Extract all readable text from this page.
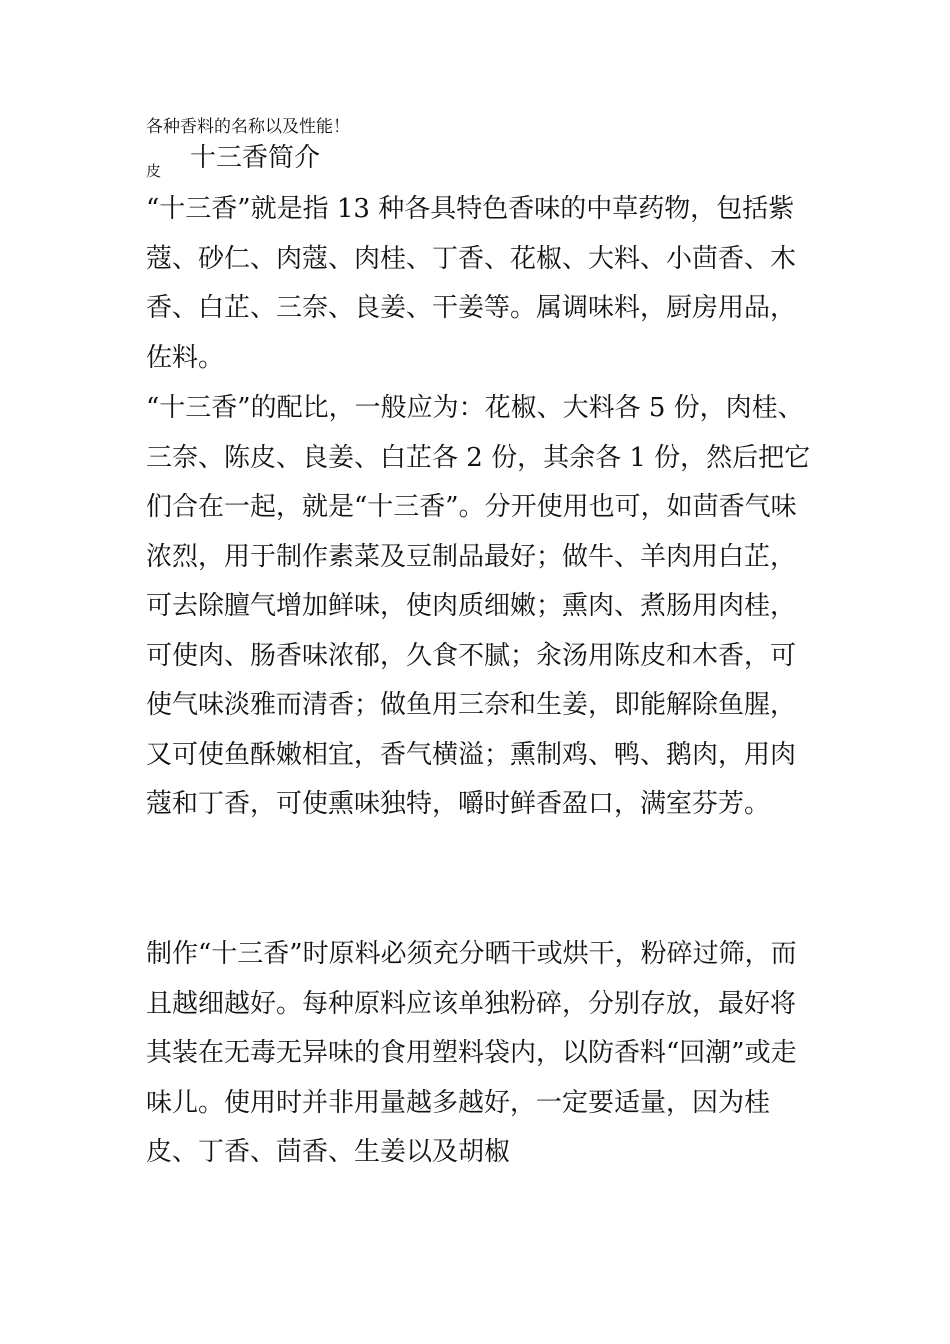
各种香料的名称以及性能！
皮 十三香简介

“十三香”就是指 13 种各具特色香味的中草药物，包括紫蔻、砂仁、肉蔻、肉桂、丁香、花椒、大料、小茴香、木香、白芷、三奈、良姜、干姜等。属调味料，厨房用品，佐料。

“十三香”的配比，一般应为：花椒、大料各 5 份，肉桂、三奈、陈皮、良姜、白芷各 2 份，其余各 1 份，然后把它们合在一起，就是“十三香”。分开使用也可，如茴香气味浓烈，用于制作素菜及豆制品最好；做牛、羊肉用白芷，可去除膻气增加鲜味，使肉质细嫩；熏肉、煮肠用肉桂，可使肉、肠香味浓郁，久食不腻；汆汤用陈皮和木香，可使气味淡雅而清香；做鱼用三奈和生姜，即能解除鱼腥，又可使鱼酥嫩相宜，香气横溢；熏制鸡、鸭、鹅肉，用肉蔻和丁香，可使熏味独特，嚼时鲜香盈口，满室芬芳。

制作“十三香”时原料必须充分晒干或烘干，粉碎过筛，而且越细越好。每种原料应该单独粉碎，分别存放，最好将其装在无毒无异味的食用塑料袋内，以防香料“回潮”或走味儿。使用时并非用量越多越好，一定要适量，因为桂皮、丁香、茴香、生姜以及胡椒
